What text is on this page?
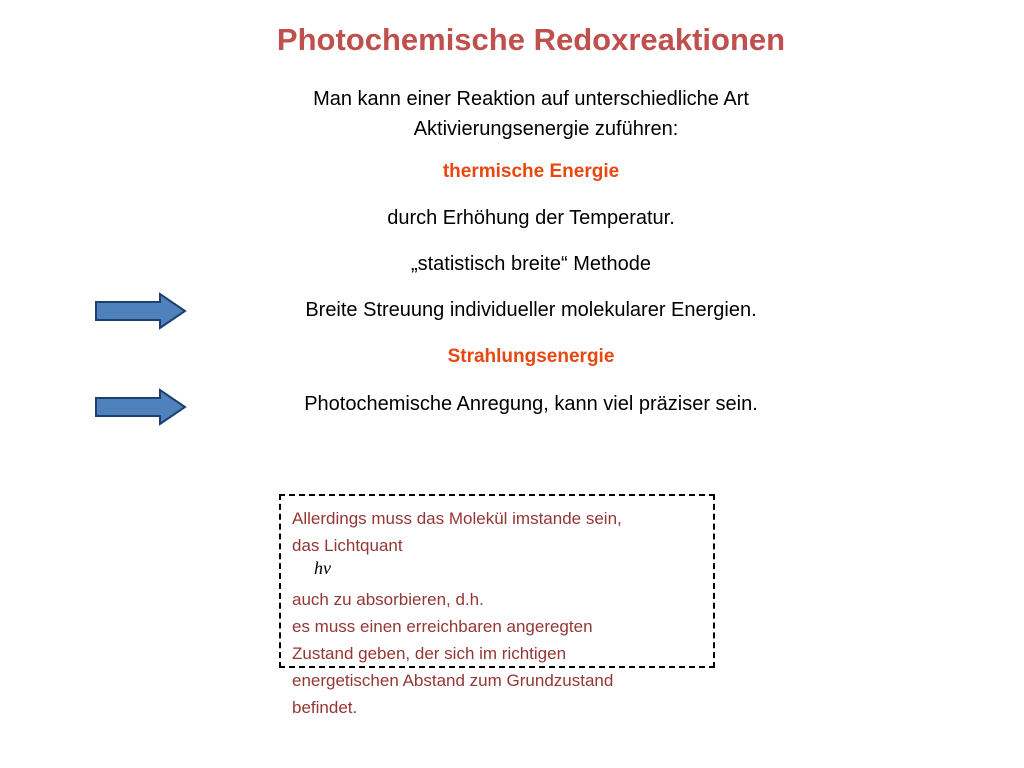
Photochemische Redoxreaktionen
Man kann einer Reaktion auf unterschiedliche Art
Aktivierungsenergie zuführen:
thermische Energie
durch Erhöhung der Temperatur.
„statistisch breite“ Methode
Breite Streuung individueller molekularer Energien.
Strahlungsenergie
Photochemische Anregung, kann viel präziser sein.
Allerdings muss das Molekül imstande sein,
das Lichtquant
hν
auch zu absorbieren, d.h.
es muss einen erreichbaren angeregten
Zustand geben, der sich im richtigen
energetischen Abstand zum Grundzustand
befindet.
